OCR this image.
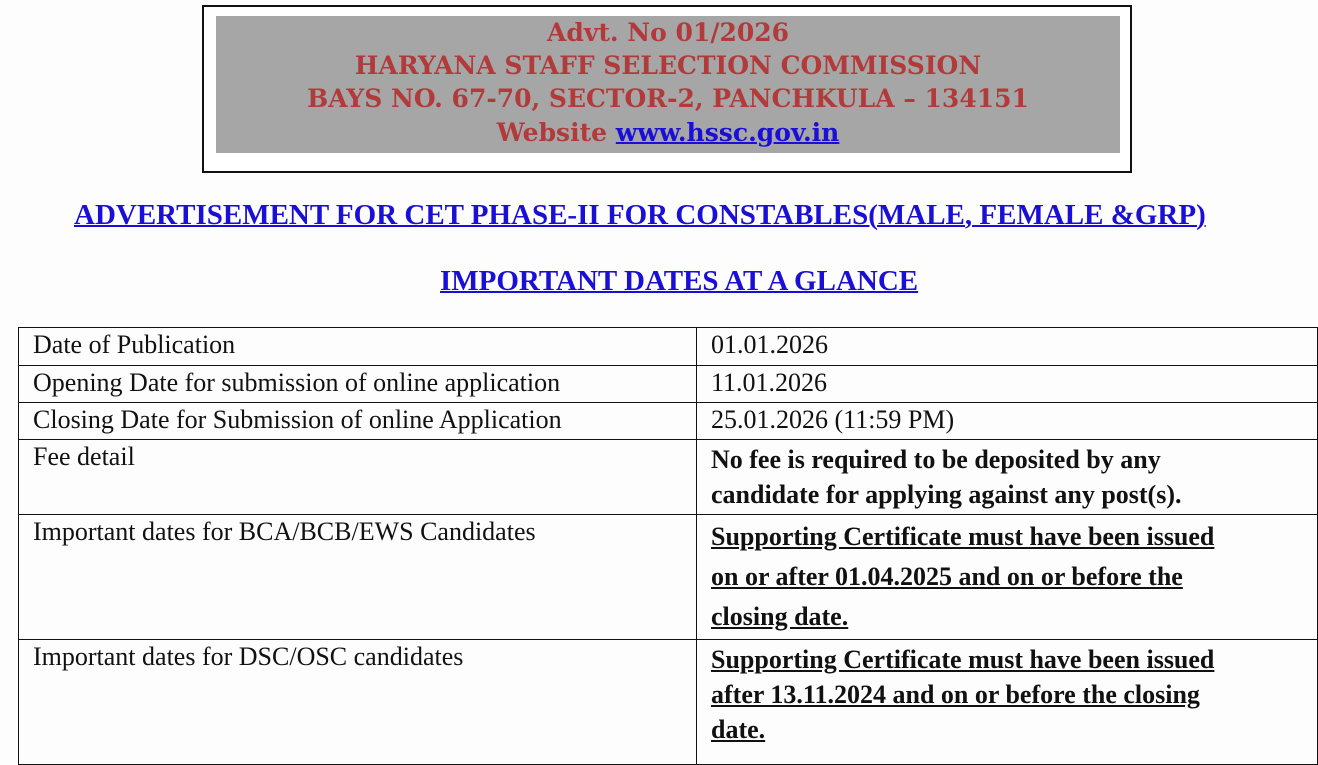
Advt. No 01/2026
HARYANA STAFF SELECTION COMMISSION
BAYS NO. 67-70, SECTOR-2, PANCHKULA – 134151
Website www.hssc.gov.in
ADVERTISEMENT FOR CET PHASE-II FOR CONSTABLES(MALE, FEMALE &GRP)
IMPORTANT DATES AT A GLANCE
Date of Publication	01.01.2026

Opening Date for submission of online application	11.01.2026

Closing Date for Submission of online Application	25.01.2026 (11:59 PM)

Fee detail	No fee is required to be deposited by any
candidate for applying against any post(s).

Important dates for BCA/BCB/EWS Candidates	Supporting Certificate must have been issued
on or after 01.04.2025 and on or before the
closing date.

Important dates for DSC/OSC candidates	Supporting Certificate must have been issued
after 13.11.2024 and on or before the closing
date.
